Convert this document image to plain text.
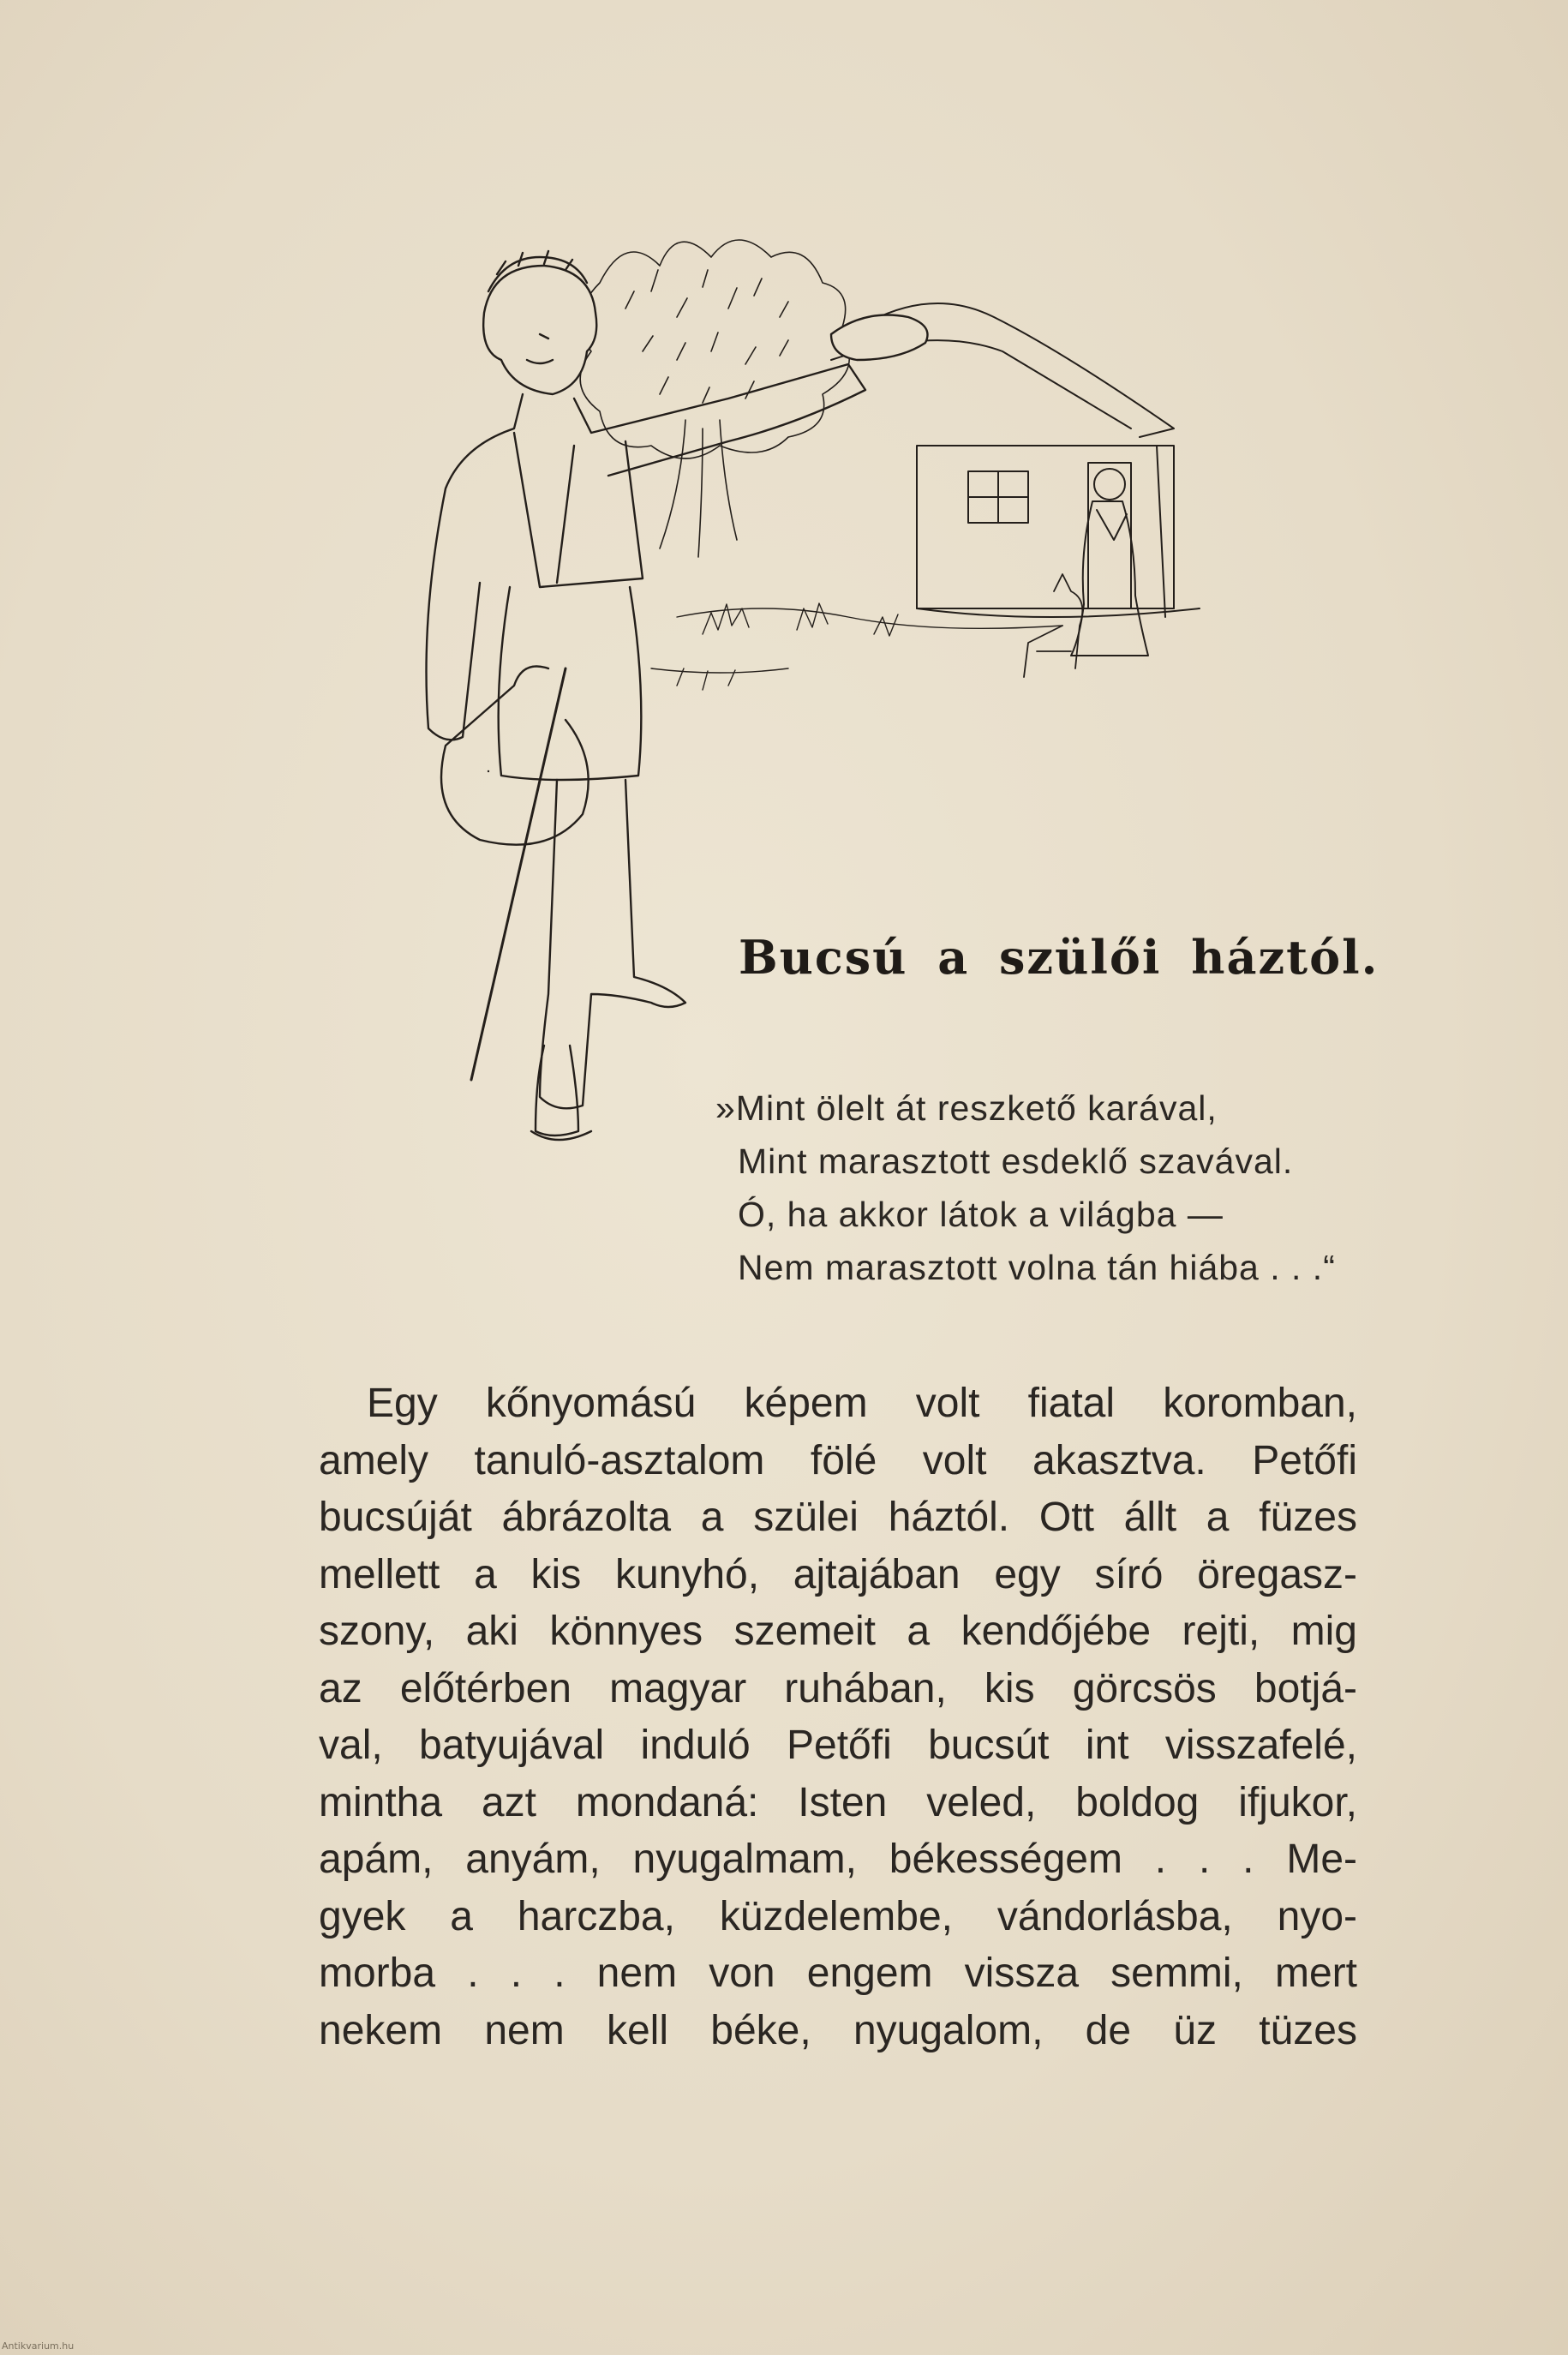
Bucsú a szülői háztól.
»Mint ölelt át reszkető karával,
Mint marasztott esdeklő szavával.
Ó, ha akkor látok a világba —
Nem marasztott volna tán hiába . . .“
Egy kőnyomású képem volt fiatal koromban,
amely tanuló-asztalom fölé volt akasztva. Petőfi
bucsúját ábrázolta a szülei háztól. Ott állt a füzes
mellett a kis kunyhó, ajtajában egy síró öregasz-
szony, aki könnyes szemeit a kendőjébe rejti, mig
az előtérben magyar ruhában, kis görcsös botjá-
val, batyujával induló Petőfi bucsút int visszafelé,
mintha azt mondaná: Isten veled, boldog ifjukor,
apám, anyám, nyugalmam, békességem . . . Me-
gyek a harczba, küzdelembe, vándorlásba, nyo-
morba . . . nem von engem vissza semmi, mert
nekem nem kell béke, nyugalom, de üz tüzes
Antikvarium.hu
